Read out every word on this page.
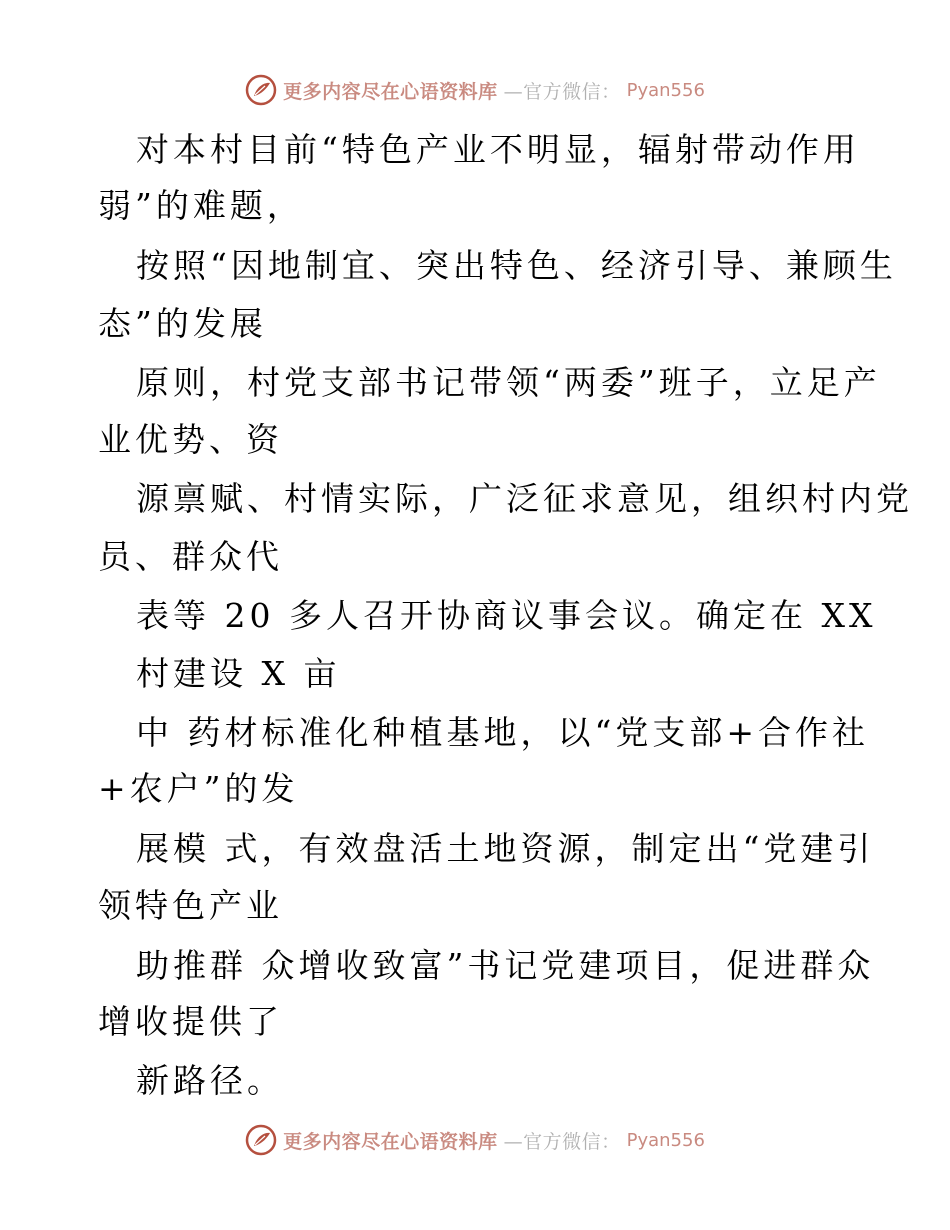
更多内容尽在心语资料库 —官方微信： Pyan556
对本村目前“特色产业不明显，辐射带动作用
弱”的难题，
按照“因地制宜、突出特色、经济引导、兼顾生
态”的发展
原则，村党支部书记带领“两委”班子，立足产
业优势、资
源禀赋、村情实际，广泛征求意见，组织村内党
员、群众代
表等 20 多人召开协商议事会议。确定在 XX
村建设 X 亩
中 药材标准化种植基地，以“党支部+合作社
+农户”的发
展模 式，有效盘活土地资源，制定出“党建引
领特色产业
助推群 众增收致富”书记党建项目，促进群众
增收提供了
新路径。
更多内容尽在心语资料库 —官方微信： Pyan556
